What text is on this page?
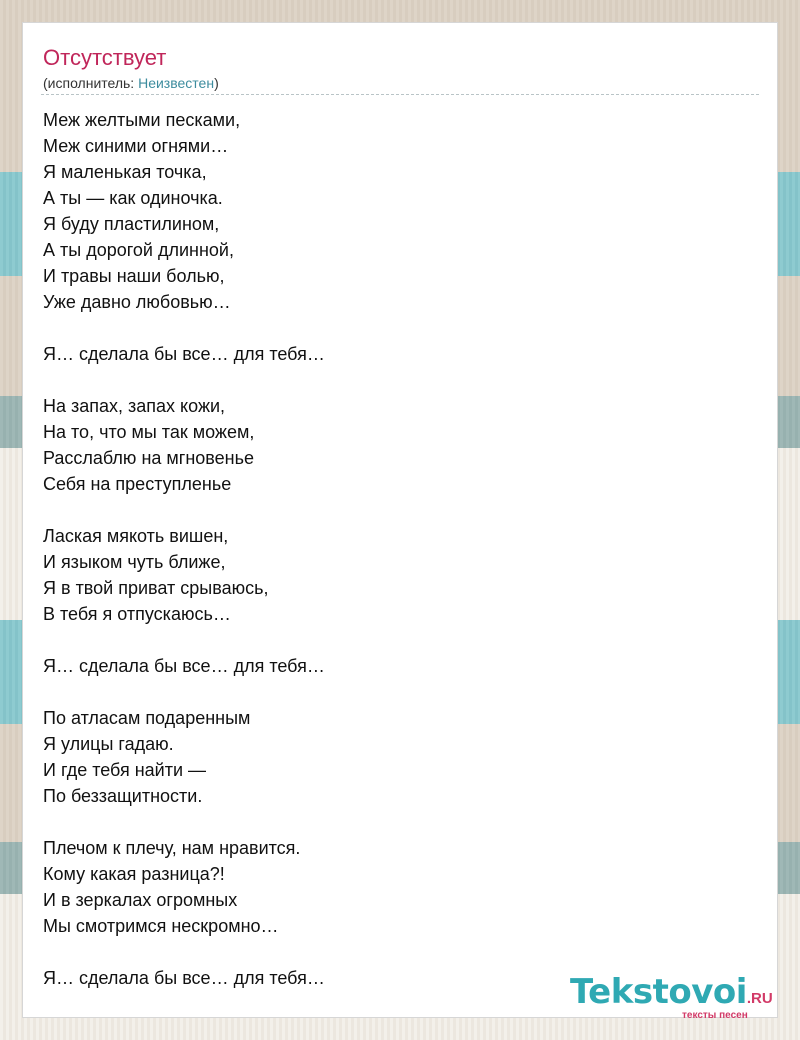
Отсутствует
(исполнитель: Неизвестен)
Меж желтыми песками,
Меж синими огнями…
Я маленькая точка,
А ты — как одиночка.
Я буду пластилином,
А ты дорогой длинной,
И травы наши болью,
Уже давно любовью…
Я… сделала бы все… для тебя…
На запах, запах кожи,
На то, что мы так можем,
Расслаблю на мгновенье
Себя на преступленье
Лаская мякоть вишен,
И языком чуть ближе,
Я в твой приват срываюсь,
В тебя я отпускаюсь…
Я… сделала бы все… для тебя…
По атласам подаренным
Я улицы гадаю.
И где тебя найти —
По беззащитности.
Плечом к плечу, нам нравится.
Кому какая разница?!
И в зеркалах огромных
Мы смотримся нескромно…
Я… сделала бы все… для тебя…	Tekstovoi.RU
тексты песен
